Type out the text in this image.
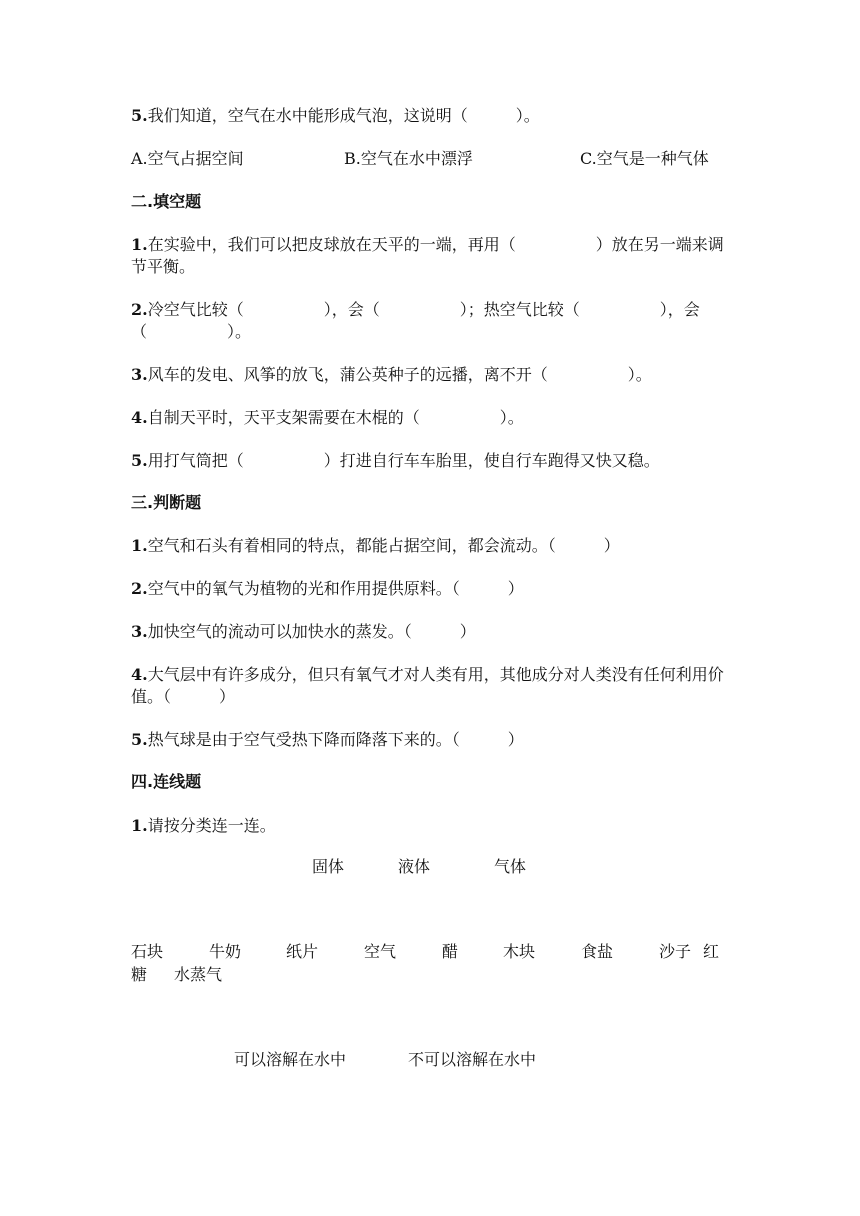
5.我们知道，空气在水中能形成气泡，这说明（　　　）。
A.空气占据空间	B.空气在水中漂浮	C.空气是一种气体
二.填空题
1.在实验中，我们可以把皮球放在天平的一端，再用（　　　　　）放在另一端来调节平衡。
2.冷空气比较（　　　　　），会（　　　　　）；热空气比较（　　　　　），会（　　　　　）。
3.风车的发电、风筝的放飞，蒲公英种子的远播，离不开（　　　　　）。
4.自制天平时，天平支架需要在木棍的（　　　　　）。
5.用打气筒把（　　　　　）打进自行车车胎里，使自行车跑得又快又稳。
三.判断题
1.空气和石头有着相同的特点，都能占据空间，都会流动。（　　　）
2.空气中的氧气为植物的光和作用提供原料。（　　　）
3.加快空气的流动可以加快水的蒸发。（　　　）
4.大气层中有许多成分，但只有氧气才对人类有用，其他成分对人类没有任何利用价值。（　　　）
5.热气球是由于空气受热下降而降落下来的。（　　　）
四.连线题
1.请按分类连一连。
固体	液体	气体
石块	牛奶	纸片	空气	醋	木块	食盐	沙子 红
糖 水蒸气
可以溶解在水中	不可以溶解在水中
